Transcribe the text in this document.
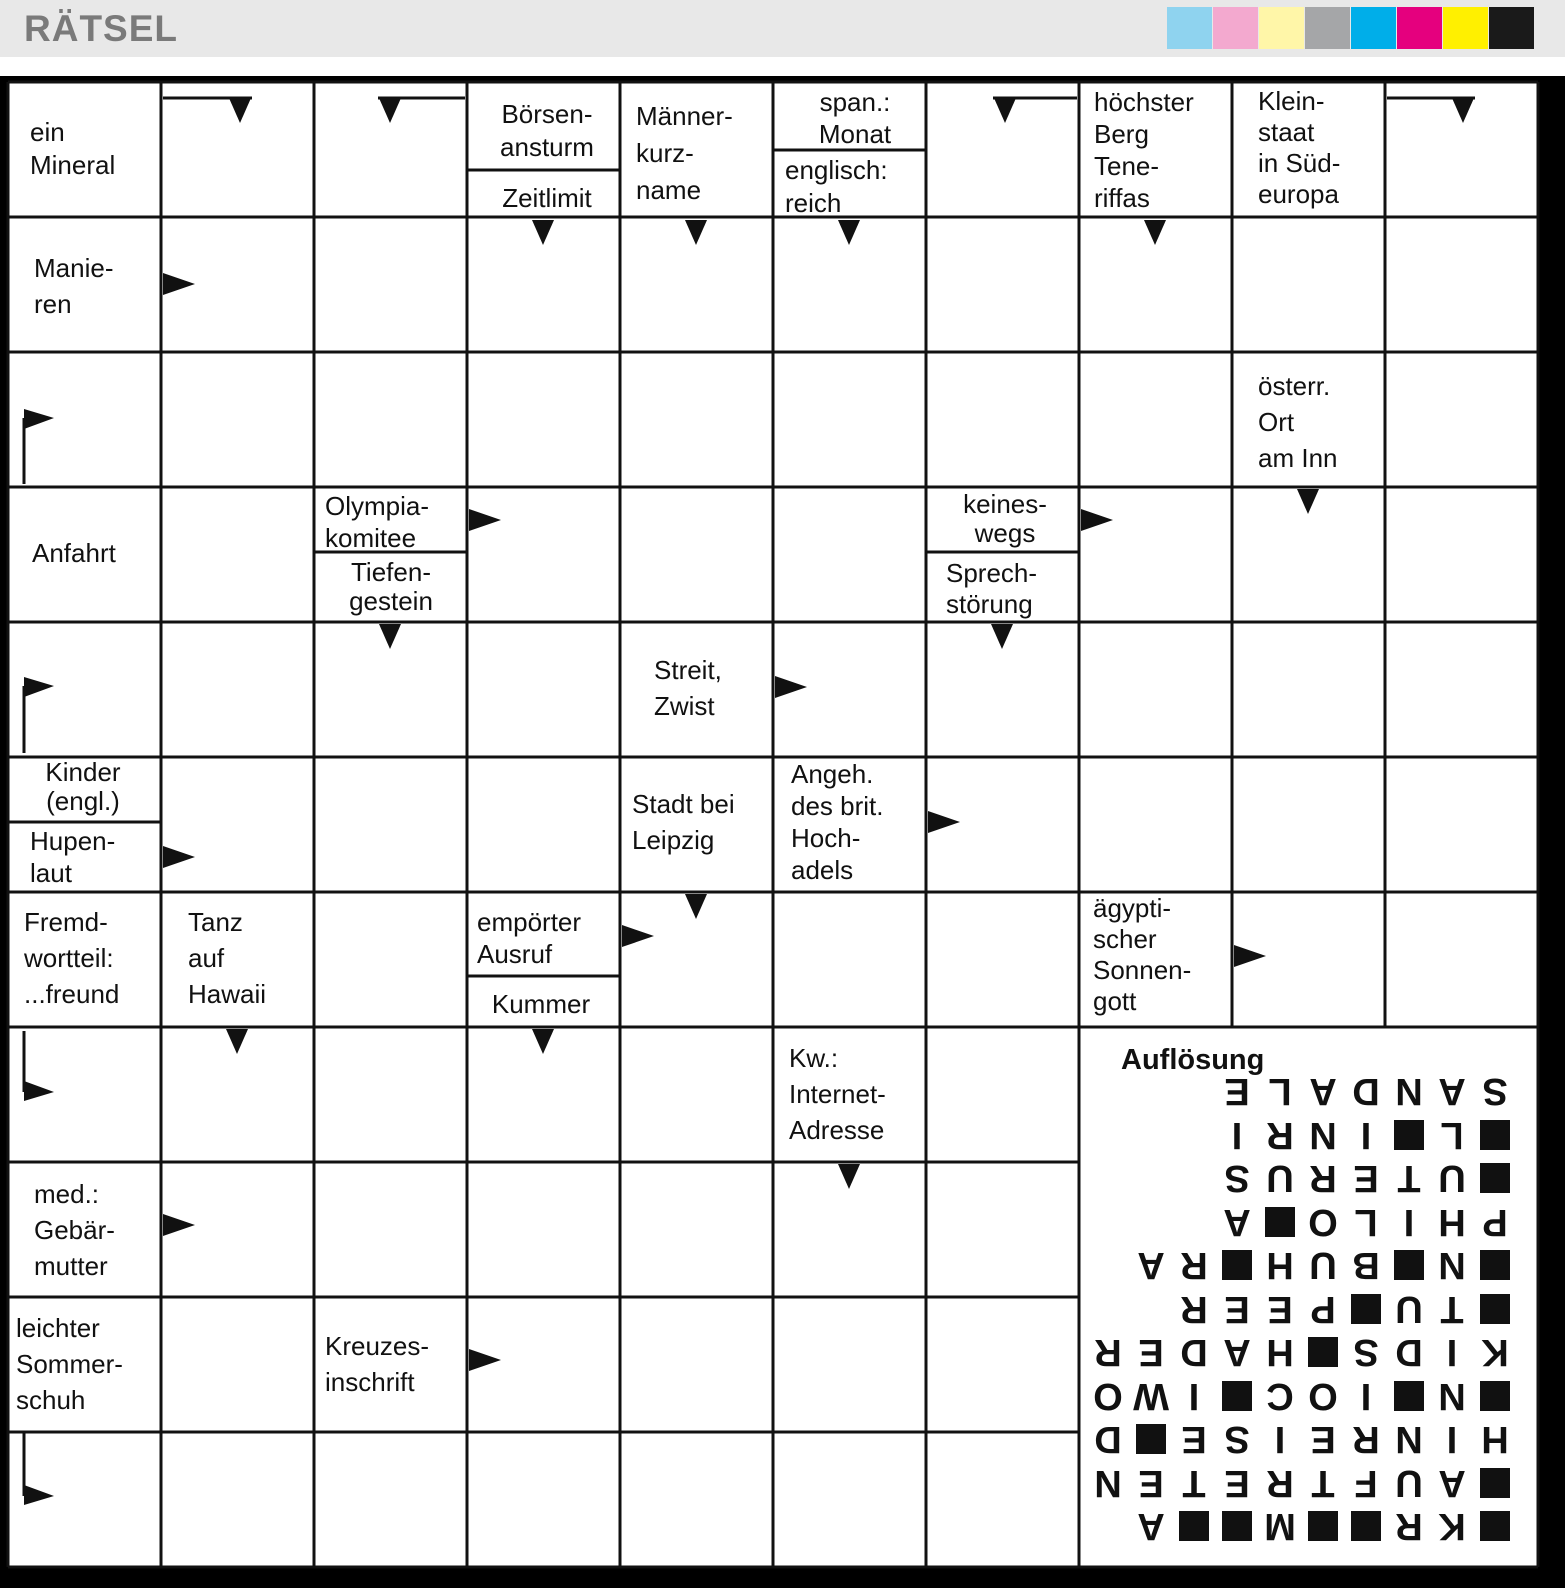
RÄTSEL
ein
Mineral
Börsen-
ansturm
Zeitlimit
Männer-
kurz-
name
span.:
Monat
englisch:
reich
höchster
Berg
Tene-
riffas
Klein-
staat
in Süd-
europa
Manie-
ren
österr.
Ort
am Inn
Anfahrt
Olympia-
komitee
Tiefen-
gestein
keines-
wegs
Sprech-
störung
Streit,
Zwist
Kinder
(engl.)
Hupen-
laut
Stadt bei
Leipzig
Angeh.
des brit.
Hoch-
adels
Fremd-
wortteil:
...freund
Tanz
auf
Hawaii
empörter
Ausruf
Kummer
ägypti-
scher
Sonnen-
gott
Kw.:
Internet-
Adresse
med.:
Gebär-
mutter
leichter
Sommer-
schuh
Kreuzes-
inschrift
Auflösung
S
A
N
D
A
L
E
L
I
N
R
I
U
T
E
R
U
S
P
H
I
L
O
A
N
B
U
H
R
A
T
U
P
E
E
R
K
I
D
S
H
A
D
E
R
N
I
O
C
I
W
O
H
I
N
R
E
I
S
E
D
A
U
F
T
R
E
T
E
N
K
R
M
A
